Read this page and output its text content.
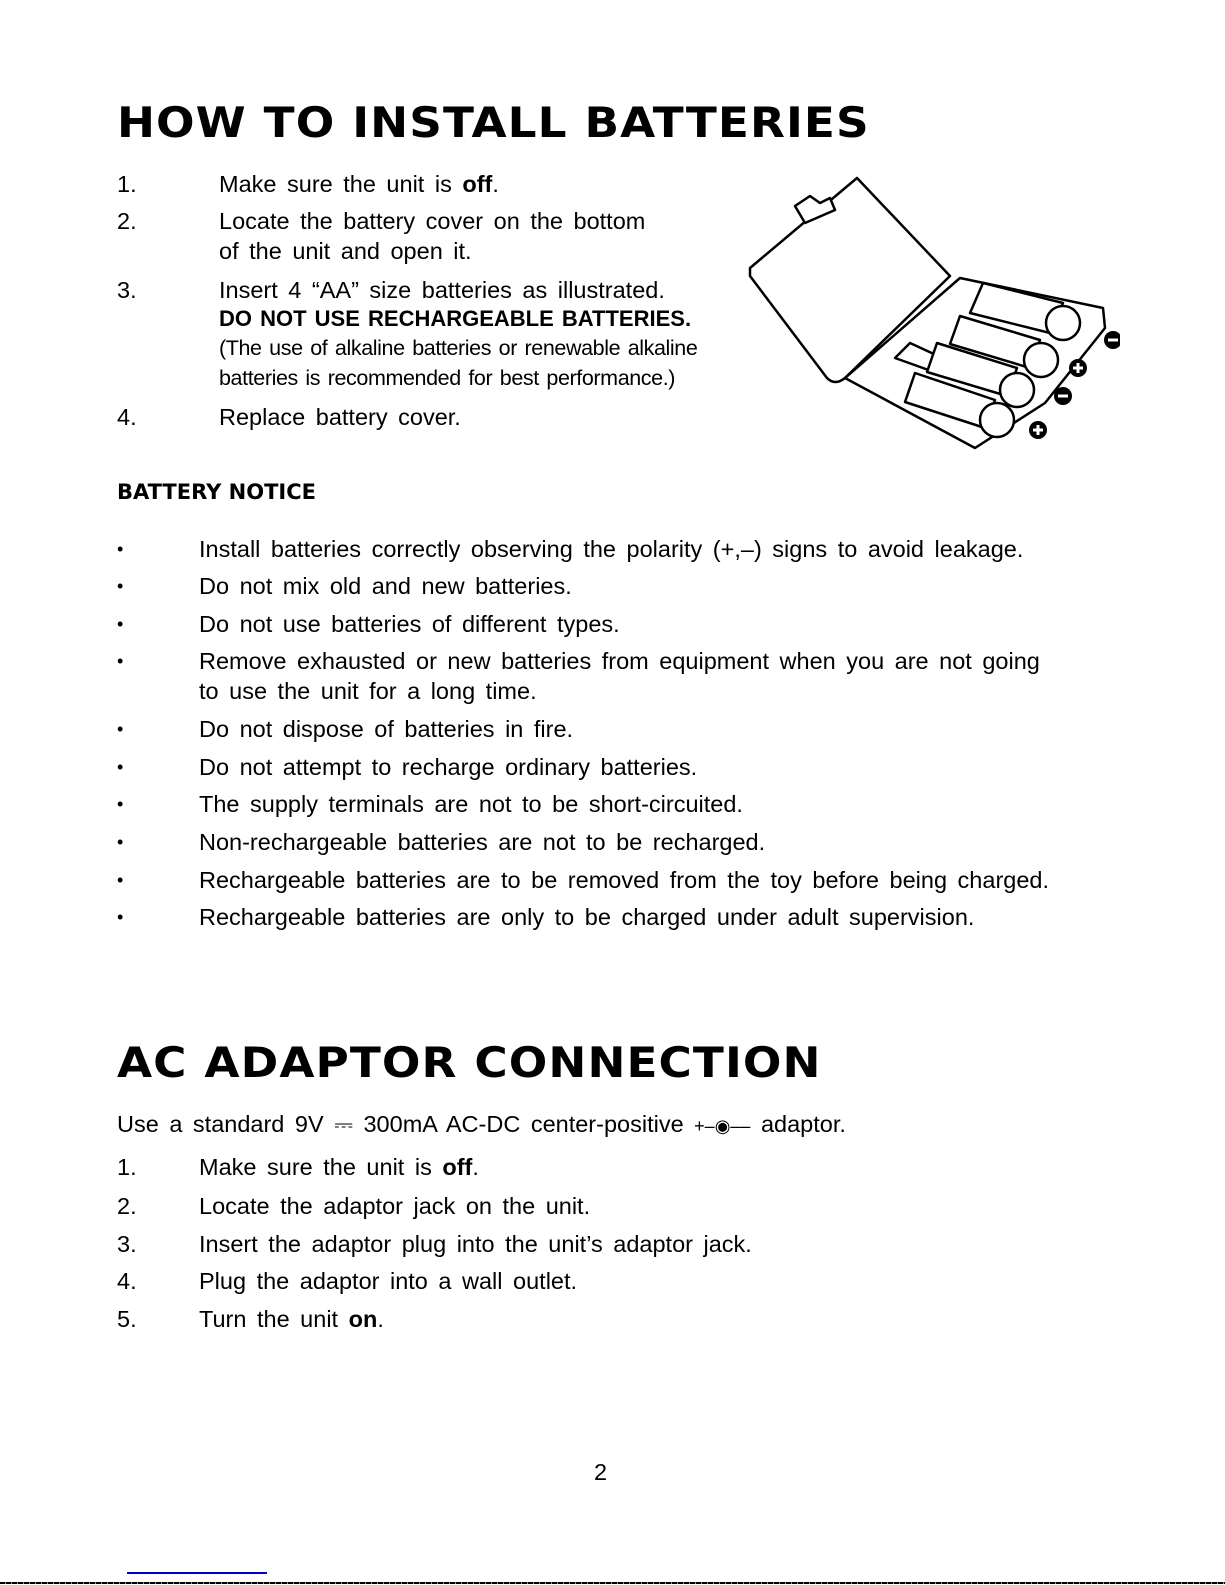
HOW TO INSTALL BATTERIES
1.	Make sure the unit is off.
2.	Locate the battery cover on the bottom
of the unit and open it.
3.	Insert 4 “AA” size batteries as illustrated.
DO NOT USE RECHARGEABLE BATTERIES.
(The use of alkaline batteries or renewable alkaline
batteries is recommended for best performance.)
4.	Replace battery cover.
BATTERY NOTICE
•	Install batteries correctly observing the polarity (+,–) signs to avoid leakage.
•	Do not mix old and new batteries.
•	Do not use batteries of different types.
•	Remove exhausted or new batteries from equipment when you are not going
to use the unit for a long time.
•	Do not dispose of batteries in fire.
•	Do not attempt to recharge ordinary batteries.
•	The supply terminals are not to be short-circuited.
•	Non-rechargeable batteries are not to be recharged.
•	Rechargeable batteries are to be removed from the toy before being charged.
•	Rechargeable batteries are only to be charged under adult supervision.
AC ADAPTOR CONNECTION
Use a standard 9V ⎓ 300mA AC-DC center-positive +–◉–– adaptor.
1.	Make sure the unit is off.
2.	Locate the adaptor jack on the unit.
3.	Insert the adaptor plug into the unit’s adaptor jack.
4.	Plug the adaptor into a wall outlet.
5.	Turn the unit on.
2
